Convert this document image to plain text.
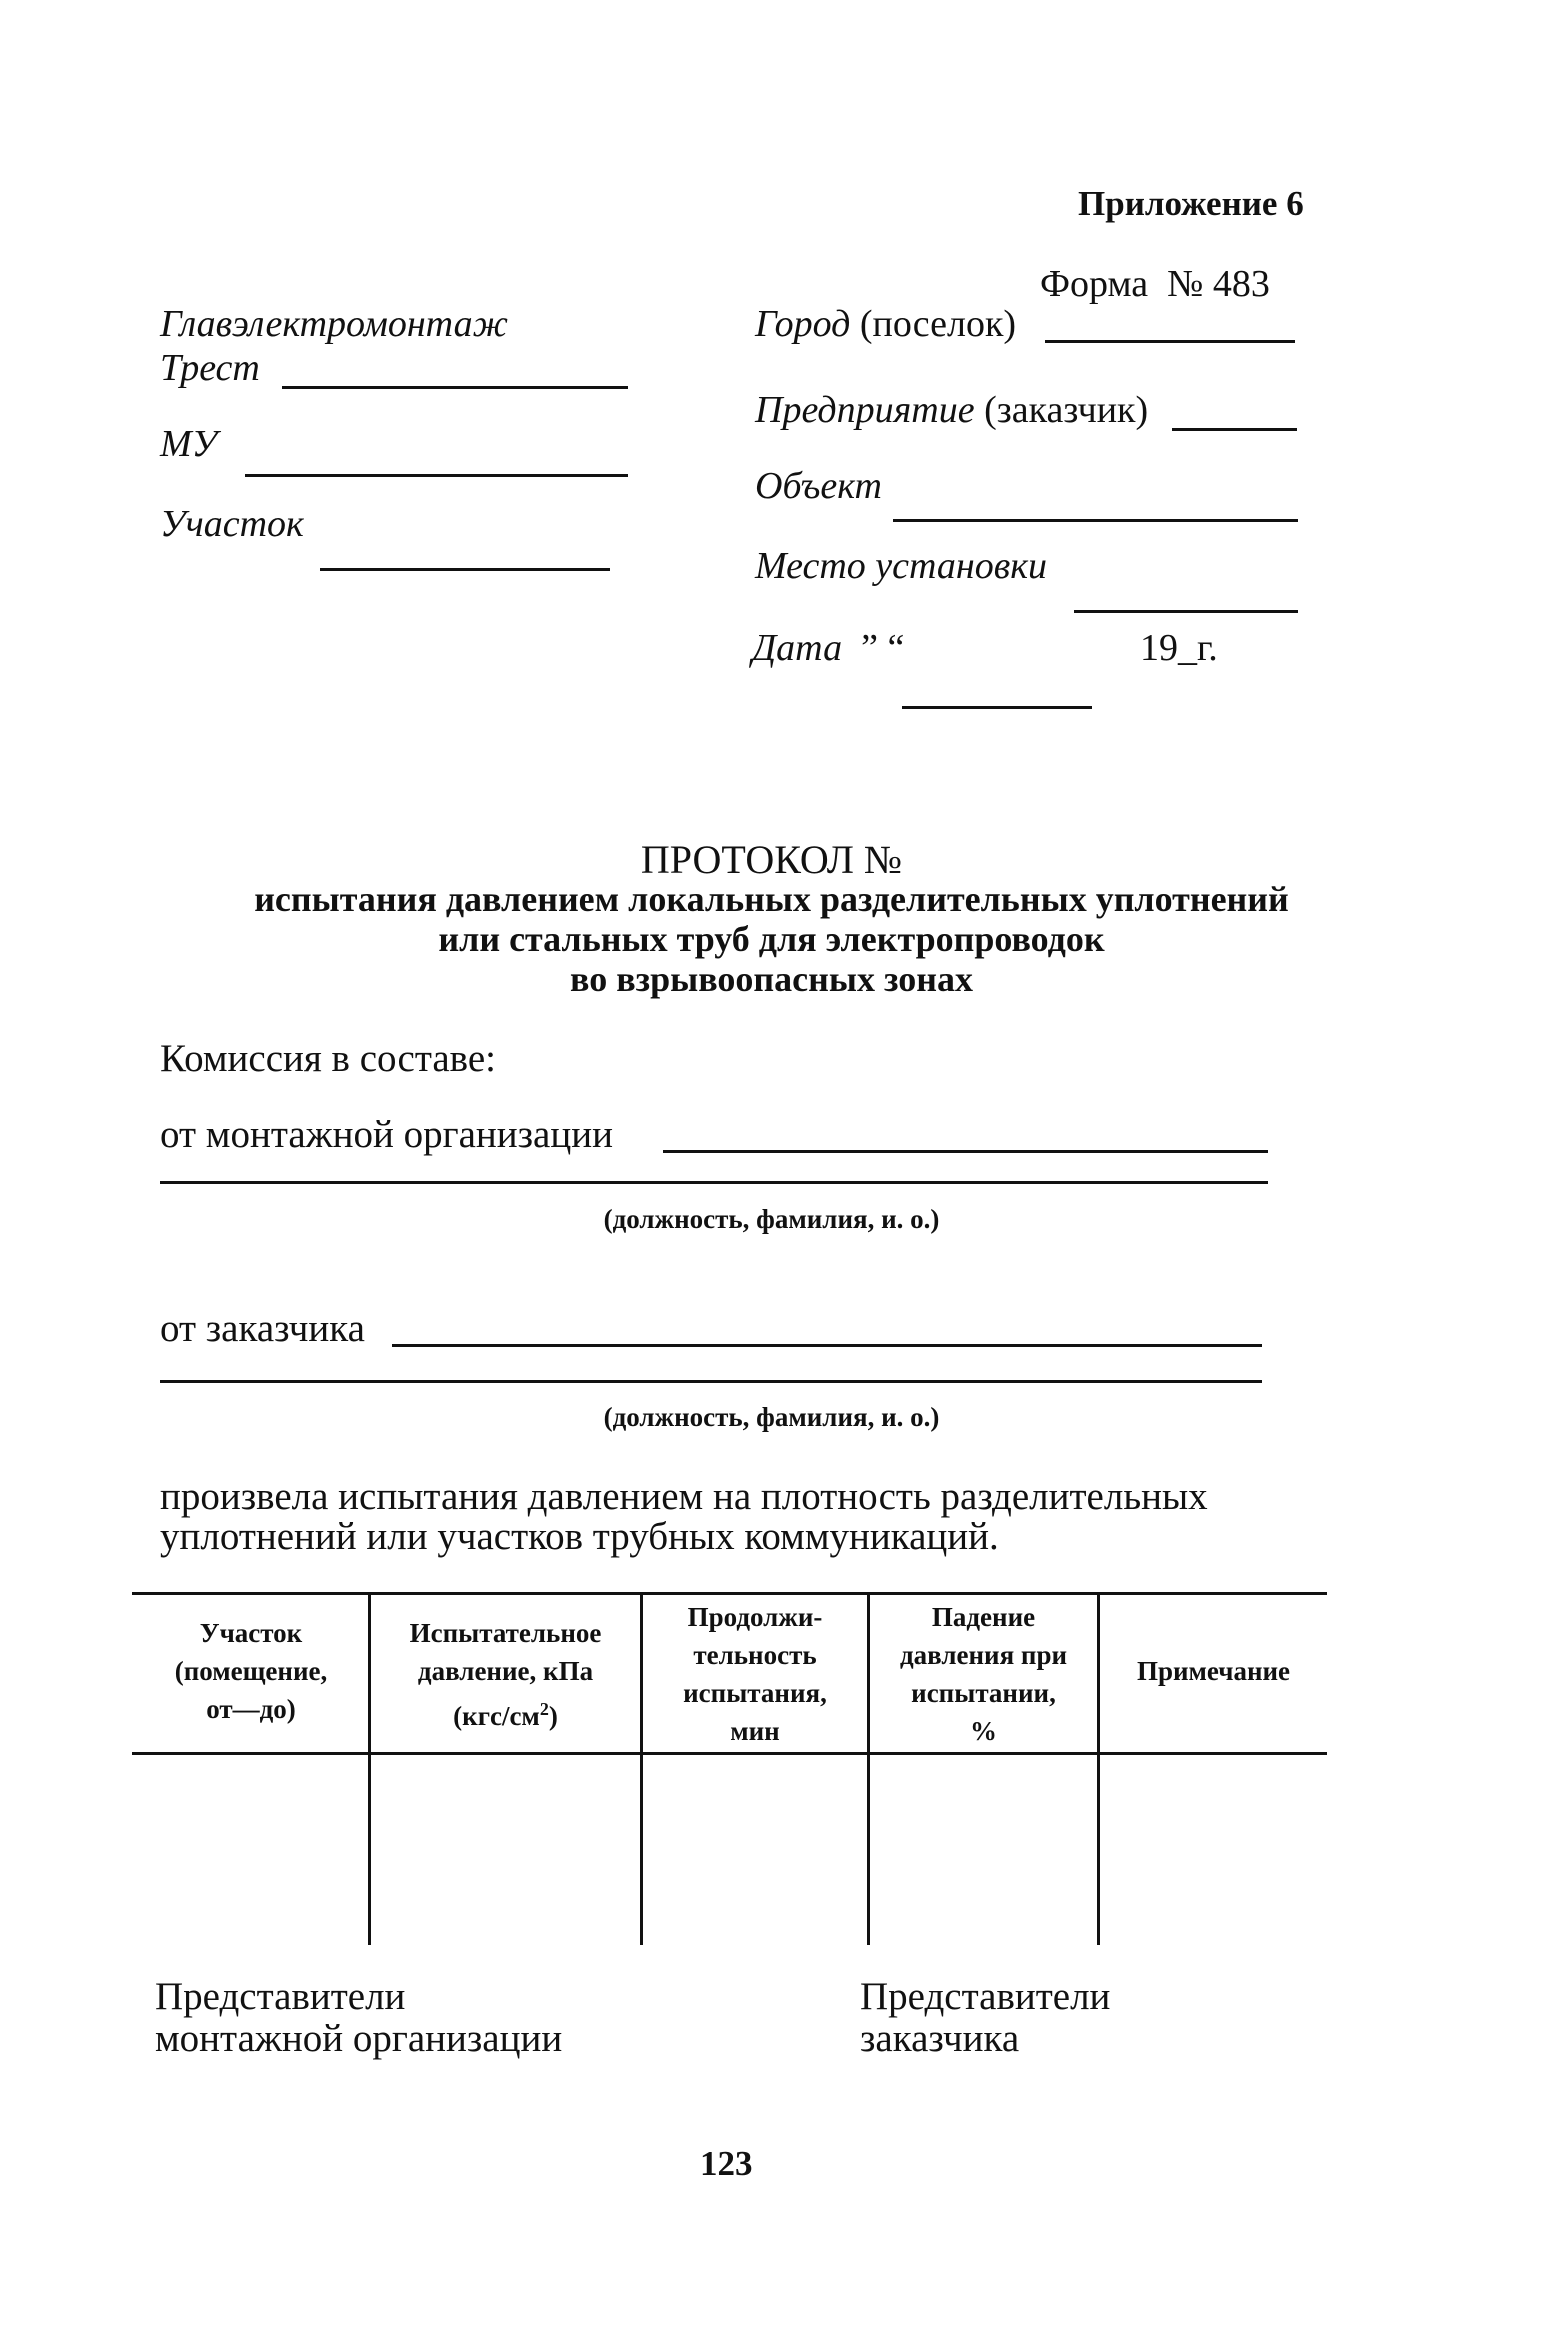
Приложение 6
Форма № 483
Главэлектромонтаж
Трест
МУ
Участок
Город (поселок)
Предприятие (заказчик)
Объект
Место установки
Дата ” “	19_г.
ПРОТОКОЛ №
испытания давлением локальных разделительных уплотнений
или стальных труб для электропроводок
во взрывоопасных зонах
Комиссия в составе:
от монтажной организации
(должность, фамилия, и. о.)
от заказчика
(должность, фамилия, и. о.)
произвела испытания давлением на плотность разделительных
уплотнений или участков трубных коммуникаций.
Участок
(помещение,
от—до)
Испытательное
давление, кПа
$(кгс/см^2)$
Продолжи-
тельность
испытания,
мин
Падение
давления при
испытании,
%
Примечание
Представители
монтажной организации
Представители
заказчика
123
